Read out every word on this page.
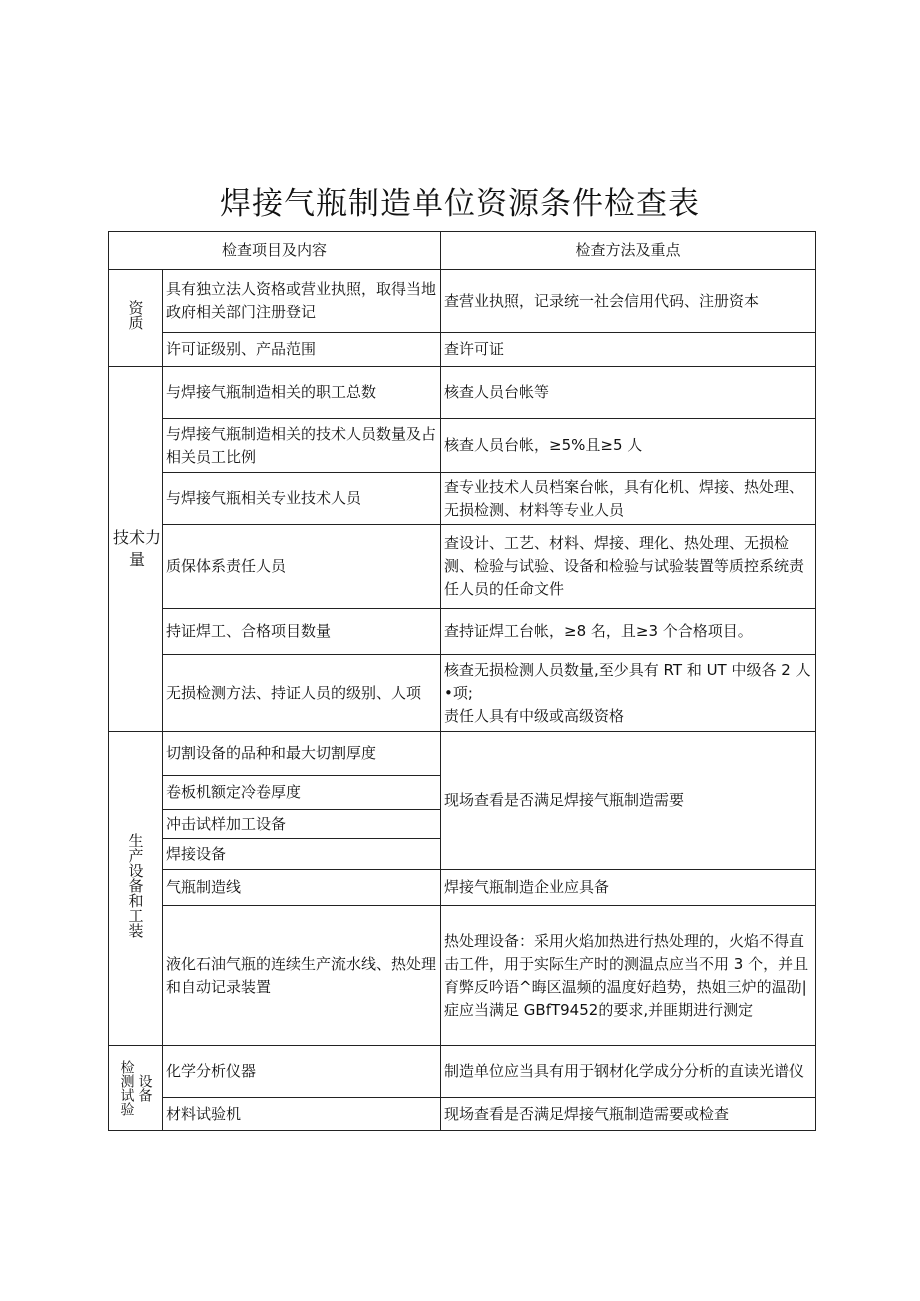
焊接气瓶制造单位资源条件检查表
检查项目及内容		检查方法及重点
资质	具有独立法人资格或营业执照，取得当地政府相关部门注册登记	查营业执照，记录统一社会信用代码、注册资本
	许可证级别、产品范围	查许可证
技术力量	与焊接气瓶制造相关的职工总数	核查人员台帐等
	与焊接气瓶制造相关的技术人员数量及占相关员工比例	核查人员台帐，≥5%且≥5 人
	与焊接气瓶相关专业技术人员	查专业技术人员档案台帐，具有化机、焊接、热处理、无损检测、材料等专业人员
	质保体系责任人员	查设计、工艺、材料、焊接、理化、热处理、无损检测、检验与试验、设备和检验与试验装置等质控系统责任人员的任命文件
	持证焊工、合格项目数量	查持证焊工台帐，≥8 名，且≥3 个合格项目。
	无损检测方法、持证人员的级别、人项	核查无损检测人员数量,至少具有 RT 和 UT 中级各 2 人•项;
责任人具有中级或高级资格

生产设备和工装	切割设备的品种和最大切割厚度	现场查看是否满足焊接气瓶制造需要
	卷板机额定冷卷厚度	
	冲击试样加工设备	
	焊接设备	
	气瓶制造线	焊接气瓶制造企业应具备
	液化石油气瓶的连续生产流水线、热处理和自动记录装置	热处理设备：采用火焰加热进行热处理的，火焰不得直击工件，用于实际生产时的测温点应当不用 3 个，并且育弊反吟语^晦区温频的温度好趋势，热姐三炉的温劭|症应当满足 GBfT9452的要求,并匪期进行测定

检测试验 设备	化学分析仪器	制造单位应当具有用于钢材化学成分分析的直读光谱仪
	材料试验机	现场查看是否满足焊接气瓶制造需要或检查
